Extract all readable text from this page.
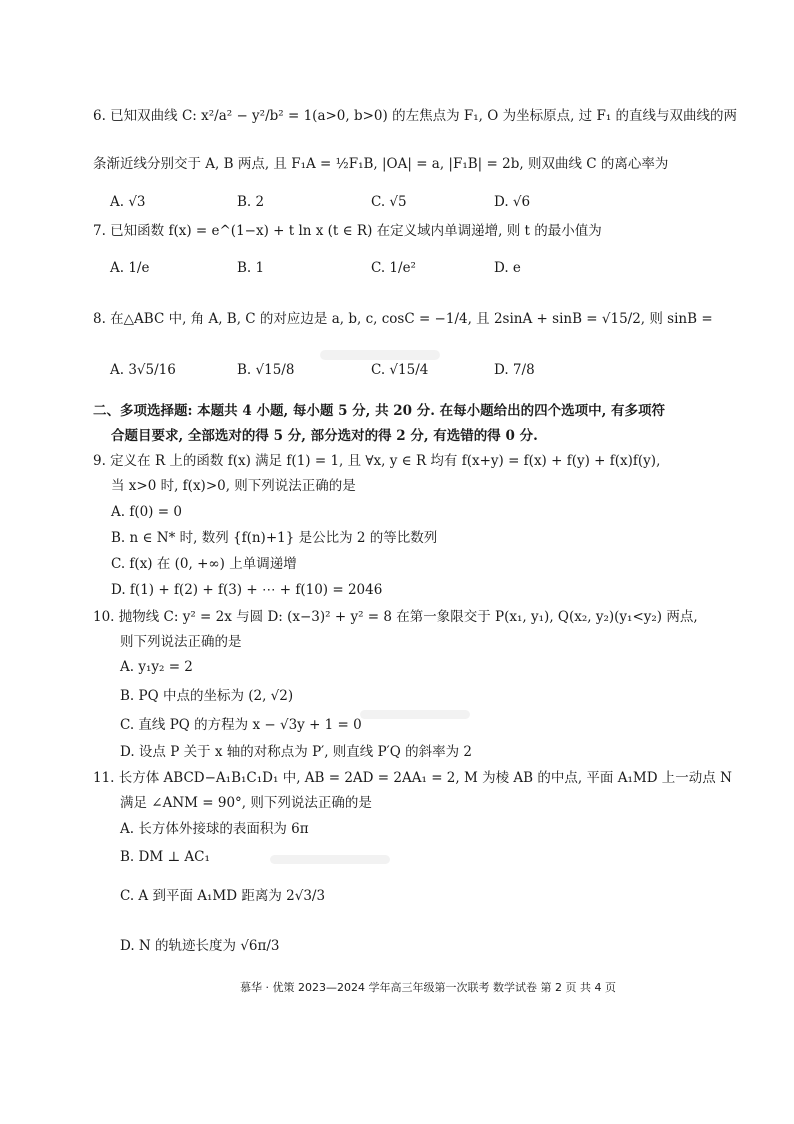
6. 已知双曲线 C: x²/a² − y²/b² = 1(a>0, b>0) 的左焦点为 F₁, O 为坐标原点, 过 F₁ 的直线与双曲线的两
条渐近线分别交于 A, B 两点, 且 F₁A = ½F₁B, |OA| = a, |F₁B| = 2b, 则双曲线 C 的离心率为
A. √3	B. 2	C. √5	D. √6
7. 已知函数 f(x) = e^(1−x) + t ln x (t ∈ R) 在定义域内单调递增, 则 t 的最小值为
A. 1/e	B. 1	C. 1/e²	D. e
8. 在△ABC 中, 角 A, B, C 的对应边是 a, b, c, cosC = −1/4, 且 2sinA + sinB = √15/2, 则 sinB =
A. 3√5/16	B. √15/8	C. √15/4	D. 7/8
二、多项选择题: 本题共 4 小题, 每小题 5 分, 共 20 分. 在每小题给出的四个选项中, 有多项符
合题目要求, 全部选对的得 5 分, 部分选对的得 2 分, 有选错的得 0 分.
9. 定义在 R 上的函数 f(x) 满足 f(1) = 1, 且 ∀x, y ∈ R 均有 f(x+y) = f(x) + f(y) + f(x)f(y),
当 x>0 时, f(x)>0, 则下列说法正确的是
A. f(0) = 0
B. n ∈ N* 时, 数列 {f(n)+1} 是公比为 2 的等比数列
C. f(x) 在 (0, +∞) 上单调递增
D. f(1) + f(2) + f(3) + ⋯ + f(10) = 2046
10. 抛物线 C: y² = 2x 与圆 D: (x−3)² + y² = 8 在第一象限交于 P(x₁, y₁), Q(x₂, y₂)(y₁<y₂) 两点,
则下列说法正确的是
A. y₁y₂ = 2
B. PQ 中点的坐标为 (2, √2)
C. 直线 PQ 的方程为 x − √3y + 1 = 0
D. 设点 P 关于 x 轴的对称点为 P′, 则直线 P′Q 的斜率为 2
11. 长方体 ABCD−A₁B₁C₁D₁ 中, AB = 2AD = 2AA₁ = 2, M 为棱 AB 的中点, 平面 A₁MD 上一动点 N
满足 ∠ANM = 90°, 则下列说法正确的是
A. 长方体外接球的表面积为 6π
B. DM ⊥ AC₁
C. A 到平面 A₁MD 距离为 2√3/3
D. N 的轨迹长度为 √6π/3
慕华 · 优策 2023—2024 学年高三年级第一次联考 数学试卷 第 2 页 共 4 页
